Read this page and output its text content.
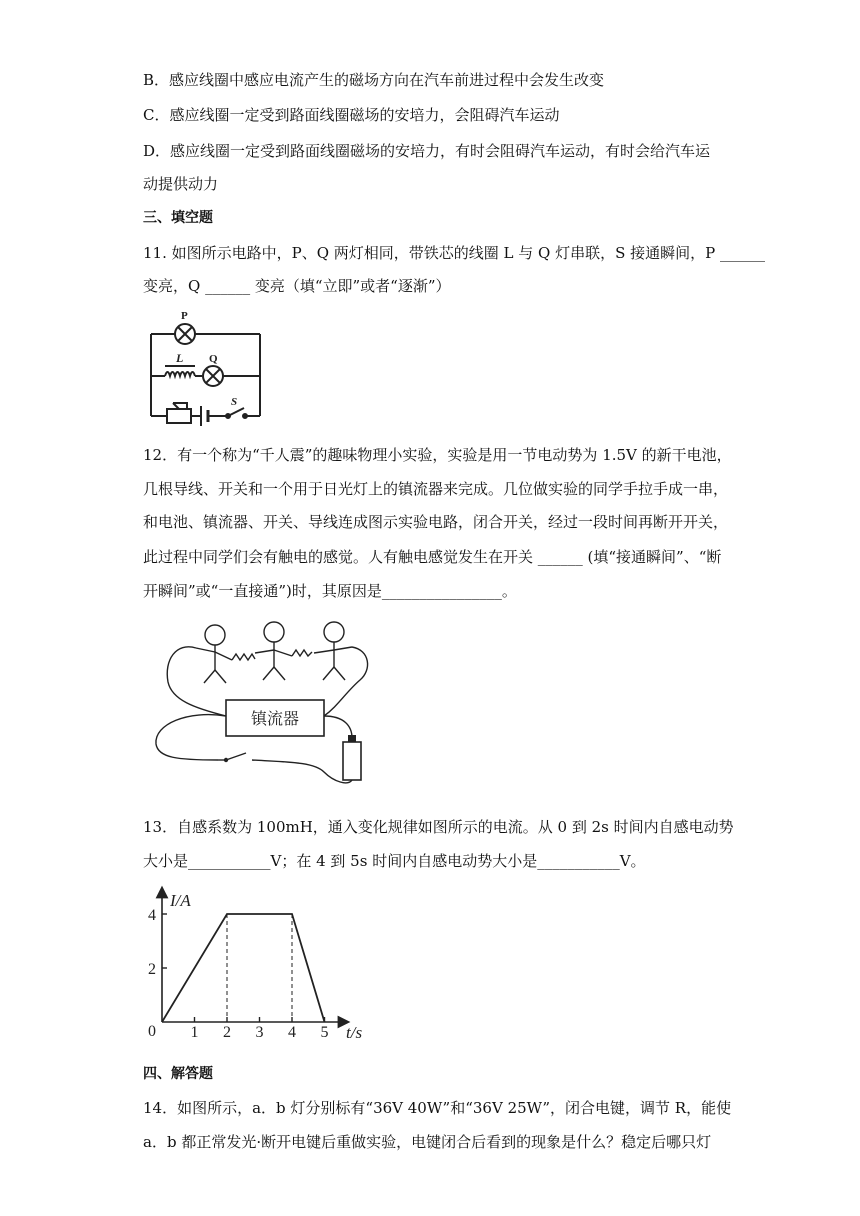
B．感应线圈中感应电流产生的磁场方向在汽车前进过程中会发生改变
C．感应线圈一定受到路面线圈磁场的安培力，会阻碍汽车运动
D．感应线圈一定受到路面线圈磁场的安培力，有时会阻碍汽车运动，有时会给汽车运
动提供动力
三、填空题
11. 如图所示电路中，P、Q 两灯相同，带铁芯的线圈 L 与 Q 灯串联，S 接通瞬间，P ______
变亮，Q ______ 变亮（填“立即”或者“逐渐”）
P
L Q
S
12．有一个称为“千人震”的趣味物理小实验，实验是用一节电动势为 1.5V 的新干电池，
几根导线、开关和一个用于日光灯上的镇流器来完成。几位做实验的同学手拉手成一串，
和电池、镇流器、开关、导线连成图示实验电路，闭合开关，经过一段时间再断开开关，
此过程中同学们会有触电的感觉。人有触电感觉发生在开关 ______ (填“接通瞬间”、“断
开瞬间”或“一直接通”)时，其原因是________________。
镇流器
13．自感系数为 100mH，通入变化规律如图所示的电流。从 0 到 2s 时间内自感电动势
大小是___________V；在 4 到 5s 时间内自感电动势大小是___________V。
1 2 3 4 5
2
4
I/A
t/s
0
四、解答题
14．如图所示，a．b 灯分别标有“36V 40W”和“36V 25W”，闭合电键，调节 R，能使
a．b 都正常发光·断开电键后重做实验，电键闭合后看到的现象是什么？稳定后哪只灯
